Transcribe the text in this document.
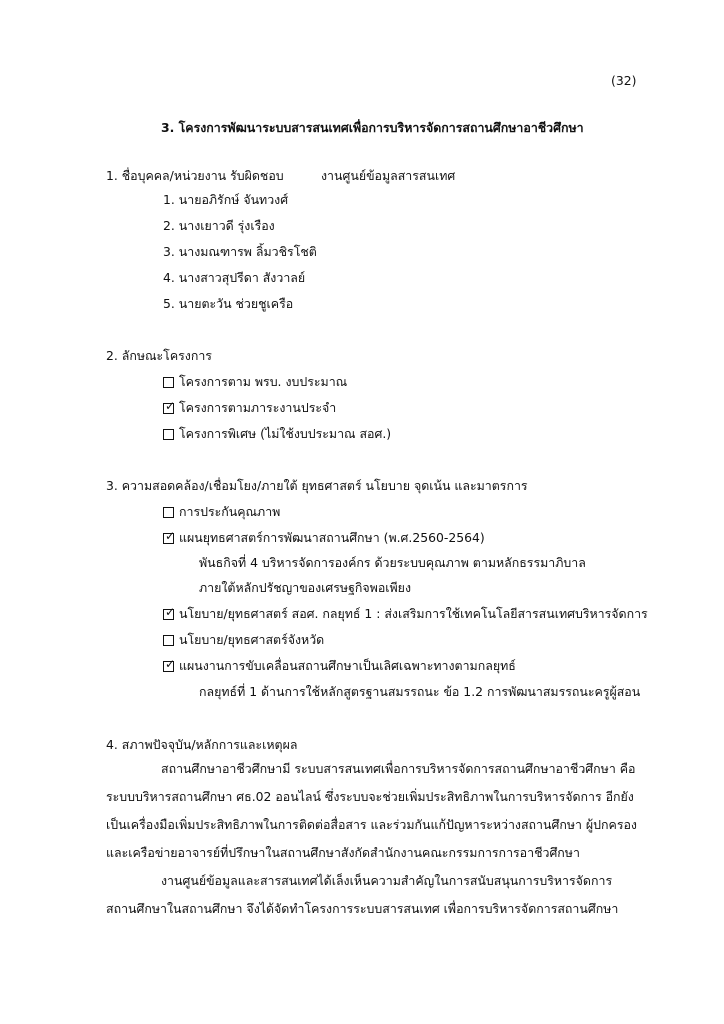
(32)
3. โครงการพัฒนาระบบสารสนเทศเพื่อการบริหารจัดการสถานศึกษาอาชีวศึกษา
1. ชื่อบุคคล/หน่วยงาน รับผิดชอบ	งานศูนย์ข้อมูลสารสนเทศ
1. นายอภิรักษ์ จันทวงศ์
2. นางเยาวดี รุ่งเรือง
3. นางมณฑารพ ลิ้มวชิรโชติ
4. นางสาวสุปรีดา สังวาลย์
5. นายตะวัน ช่วยชูเครือ
2. ลักษณะโครงการ
โครงการตาม พรบ. งบประมาณ
✓ โครงการตามภาระงานประจำ
โครงการพิเศษ (ไม่ใช้งบประมาณ สอศ.)
3. ความสอดคล้อง/เชื่อมโยง/ภายใต้ ยุทธศาสตร์ นโยบาย จุดเน้น และมาตรการ
การประกันคุณภาพ
✓ แผนยุทธศาสตร์การพัฒนาสถานศึกษา (พ.ศ.2560-2564)
พันธกิจที่ 4 บริหารจัดการองค์กร ด้วยระบบคุณภาพ ตามหลักธรรมาภิบาล
ภายใต้หลักปรัชญาของเศรษฐกิจพอเพียง
✓ นโยบาย/ยุทธศาสตร์ สอศ. กลยุทธ์ 1 : ส่งเสริมการใช้เทคโนโลยีสารสนเทศบริหารจัดการ
นโยบาย/ยุทธศาสตร์จังหวัด
✓ แผนงานการขับเคลื่อนสถานศึกษาเป็นเลิศเฉพาะทางตามกลยุทธ์
กลยุทธ์ที่ 1 ด้านการใช้หลักสูตรฐานสมรรถนะ ข้อ 1.2 การพัฒนาสมรรถนะครูผู้สอน
4. สภาพปัจจุบัน/หลักการและเหตุผล
สถานศึกษาอาชีวศึกษามี ระบบสารสนเทศเพื่อการบริหารจัดการสถานศึกษาอาชีวศึกษา คือ
ระบบบริหารสถานศึกษา ศธ.02 ออนไลน์ ซึ่งระบบจะช่วยเพิ่มประสิทธิภาพในการบริหารจัดการ อีกยัง
เป็นเครื่องมือเพิ่มประสิทธิภาพในการติดต่อสื่อสาร และร่วมกันแก้ปัญหาระหว่างสถานศึกษา ผู้ปกครอง
และเครือข่ายอาจารย์ที่ปรึกษาในสถานศึกษาสังกัดสำนักงานคณะกรรมการการอาชีวศึกษา
งานศูนย์ข้อมูลและสารสนเทศได้เล็งเห็นความสำคัญในการสนับสนุนการบริหารจัดการ
สถานศึกษาในสถานศึกษา จึงได้จัดทำโครงการระบบสารสนเทศ เพื่อการบริหารจัดการสถานศึกษา
